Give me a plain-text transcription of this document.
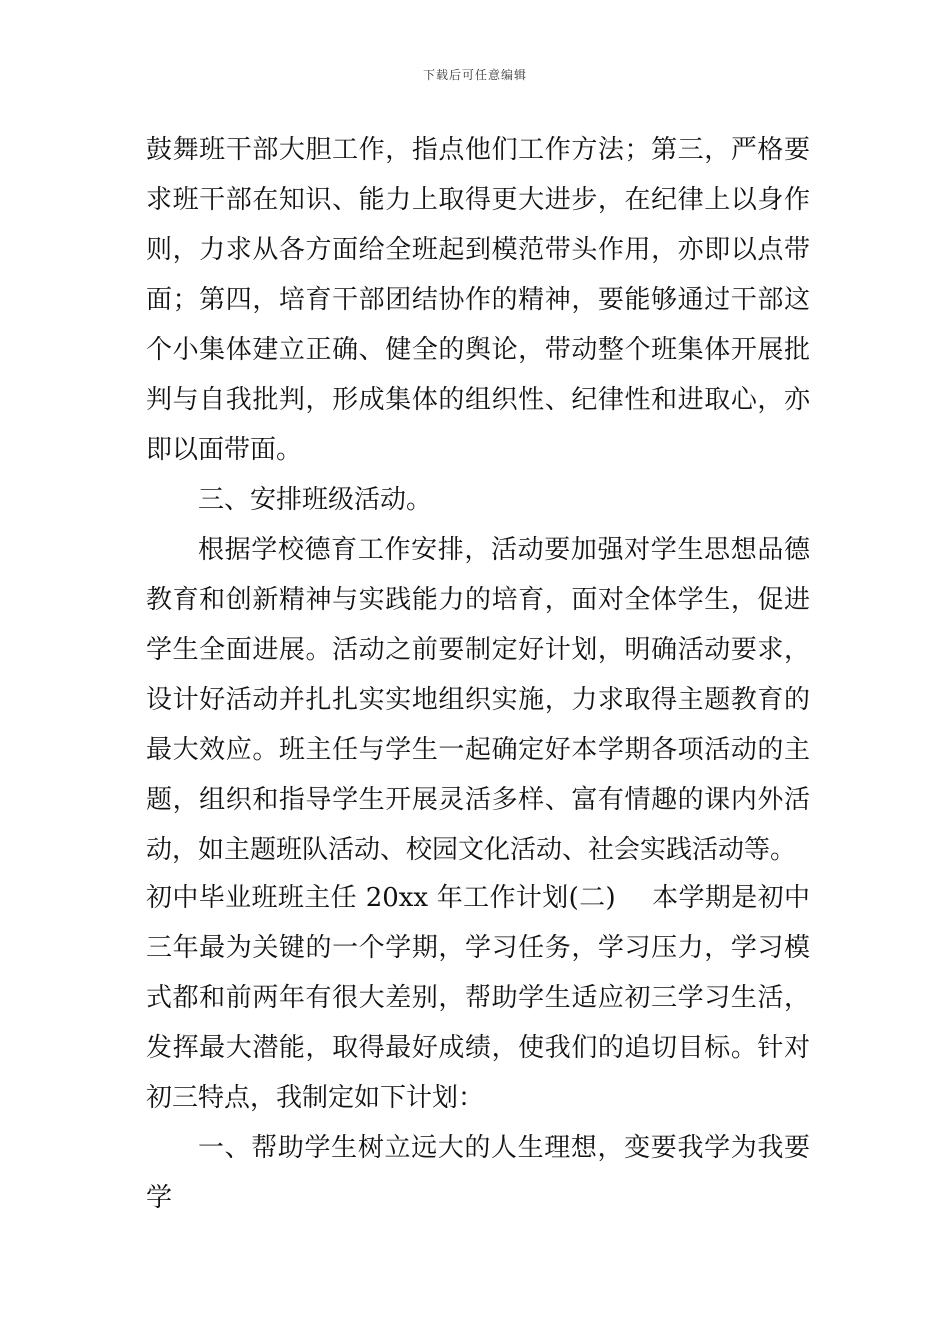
下载后可任意编辑
鼓舞班干部大胆工作，指点他们工作方法；第三，严格要
求班干部在知识、能力上取得更大进步，在纪律上以身作
则，力求从各方面给全班起到模范带头作用，亦即以点带
面；第四，培育干部团结协作的精神，要能够通过干部这
个小集体建立正确、健全的舆论，带动整个班集体开展批
判与自我批判，形成集体的组织性、纪律性和进取心，亦
即以面带面。
三、安排班级活动。
根据学校德育工作安排，活动要加强对学生思想品德
教育和创新精神与实践能力的培育，面对全体学生，促进
学生全面进展。活动之前要制定好计划，明确活动要求，
设计好活动并扎扎实实地组织实施，力求取得主题教育的
最大效应。班主任与学生一起确定好本学期各项活动的主
题，组织和指导学生开展灵活多样、富有情趣的课内外活
动，如主题班队活动、校园文化活动、社会实践活动等。
初中毕业班班主任 20xx 年工作计划(二) 本学期是初中
三年最为关键的一个学期，学习任务，学习压力，学习模
式都和前两年有很大差别，帮助学生适应初三学习生活，
发挥最大潜能，取得最好成绩，使我们的追切目标。针对
初三特点，我制定如下计划：
一、帮助学生树立远大的人生理想，变要我学为我要
学
